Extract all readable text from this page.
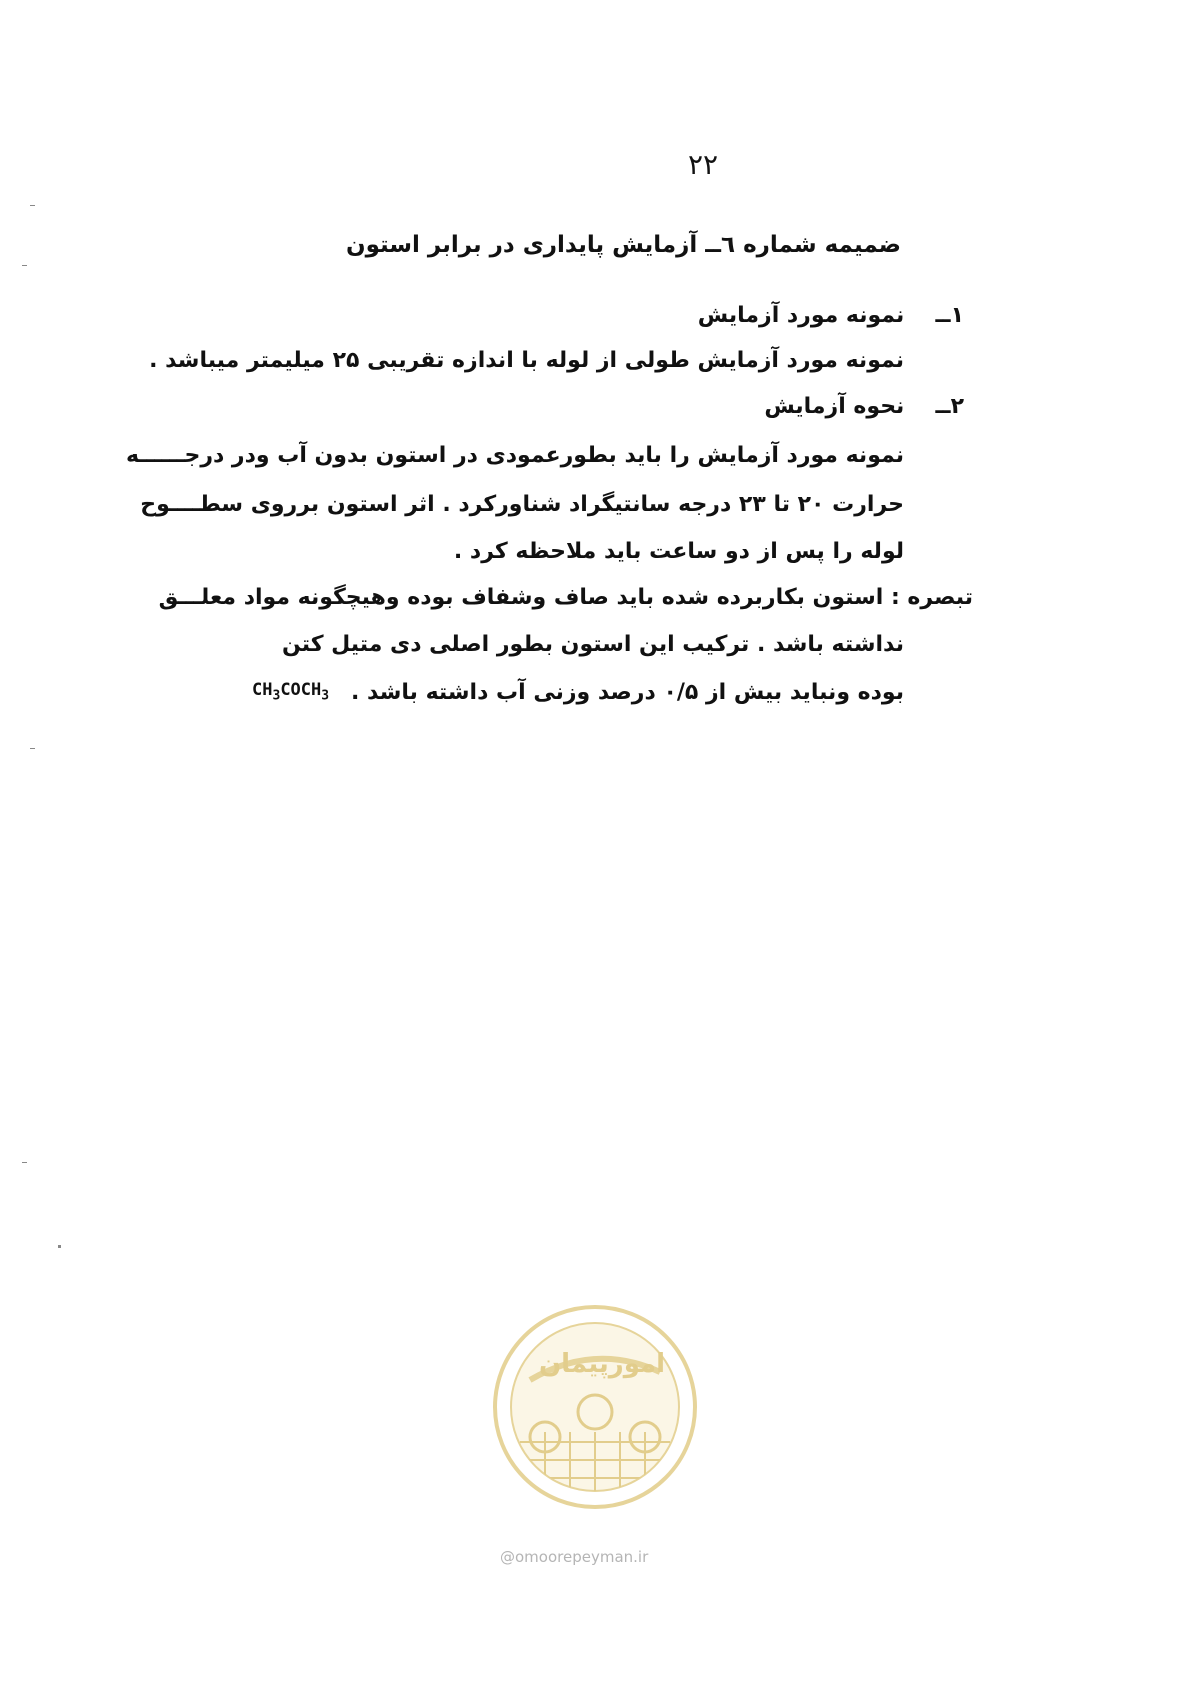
۲۲
ضمیمه شماره ٦ــ آزمایش پایداری در برابر استون
۱ــ نمونه مورد آزمایش
نمونه مورد آزمایش طولی از لوله با اندازه تقریبی ۲۵ میلیمتر میباشد .
۲ــ نحوه آزمایش
نمونه مورد آزمایش را باید بطورعمودی در استون بدون آب ودر درجــــــه
حرارت ۲۰ تا ۲۳ درجه سانتیگراد شناورکرد . اثر استون برروی سطــــوح
لوله را پس از دو ساعت باید ملاحظه کرد .
تبصره : استون بکاربرده شده باید صاف وشفاف بوده وهیچگونه مواد معلـــق
نداشته باشد . ترکیب این استون بطور اصلی دی متیل کتن
بوده ونباید بیش از ۰/۵ درصد وزنی آب داشته باشد .
$CH_3COCH_3$
امورپیمان
@omoorepeyman.ir
